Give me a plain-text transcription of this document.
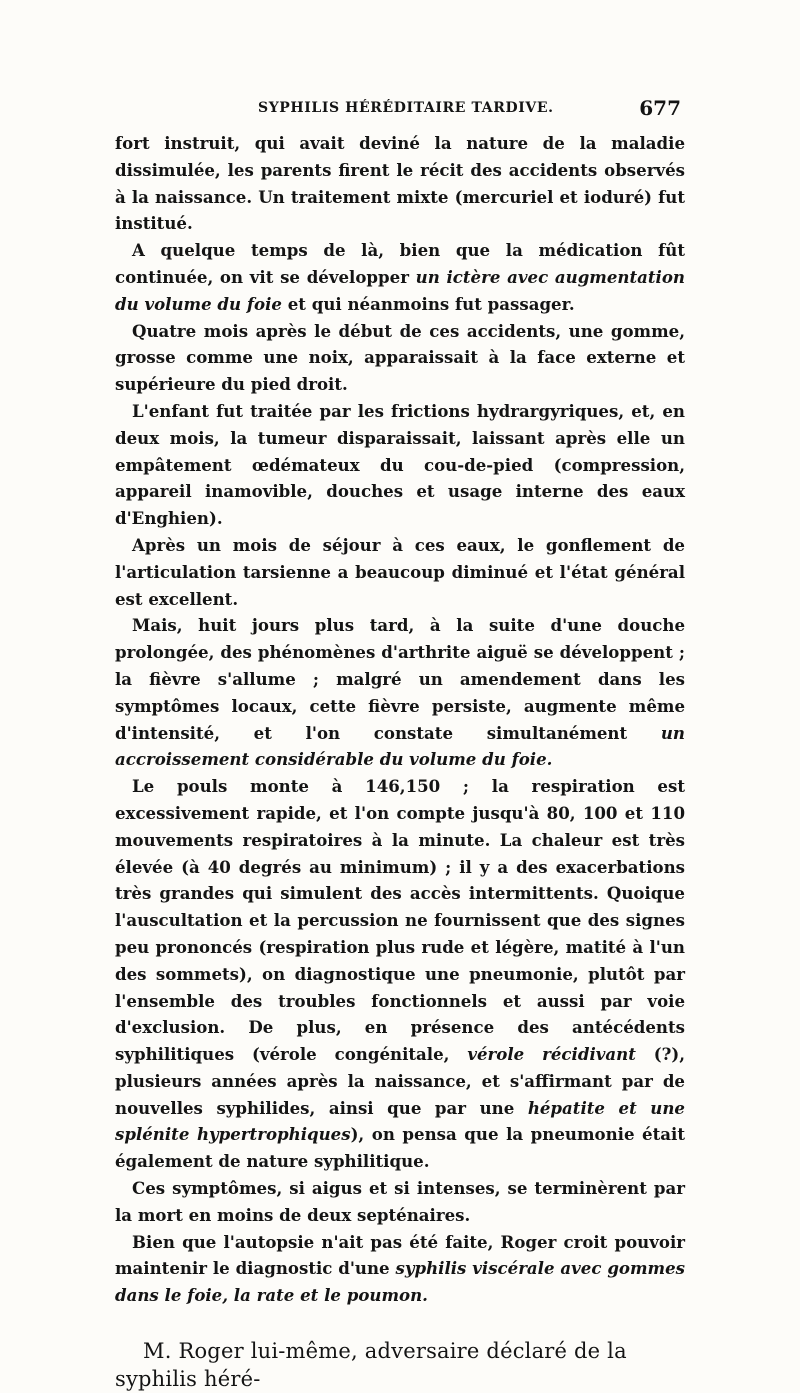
SYPHILIS HÉRÉDITAIRE TARDIVE.	677

fort instruit, qui avait deviné la nature de la maladie dissimulée, les parents firent le récit des accidents observés à la naissance. Un traitement mixte (mercuriel et ioduré) fut institué.

A quelque temps de là, bien que la médication fût continuée, on vit se développer un ictère avec augmentation du volume du foie et qui néanmoins fut passager.

Quatre mois après le début de ces accidents, une gomme, grosse comme une noix, apparaissait à la face externe et supérieure du pied droit.

L'enfant fut traitée par les frictions hydrargyriques, et, en deux mois, la tumeur disparaissait, laissant après elle un empâtement œdémateux du cou-de-pied (compression, appareil inamovible, douches et usage interne des eaux d'Enghien).

Après un mois de séjour à ces eaux, le gonflement de l'articulation tarsienne a beaucoup diminué et l'état général est excellent.

Mais, huit jours plus tard, à la suite d'une douche prolongée, des phénomènes d'arthrite aiguë se développent ; la fièvre s'allume ; malgré un amendement dans les symptômes locaux, cette fièvre persiste, augmente même d'intensité, et l'on constate simultanément un accroissement considérable du volume du foie.

Le pouls monte à 146,150 ; la respiration est excessivement rapide, et l'on compte jusqu'à 80, 100 et 110 mouvements respiratoires à la minute. La chaleur est très élevée (à 40 degrés au minimum) ; il y a des exacerbations très grandes qui simulent des accès intermittents. Quoique l'auscultation et la percussion ne fournissent que des signes peu prononcés (respiration plus rude et légère, matité à l'un des sommets), on diagnostique une pneumonie, plutôt par l'ensemble des troubles fonctionnels et aussi par voie d'exclusion. De plus, en présence des antécédents syphilitiques (vérole congénitale, vérole récidivant (?), plusieurs années après la naissance, et s'affirmant par de nouvelles syphilides, ainsi que par une hépatite et une splénite hypertrophiques), on pensa que la pneumonie était également de nature syphilitique.

Ces symptômes, si aigus et si intenses, se terminèrent par la mort en moins de deux septénaires.

Bien que l'autopsie n'ait pas été faite, Roger croit pouvoir maintenir le diagnostic d'une syphilis viscérale avec gommes dans le foie, la rate et le poumon.

M. Roger lui-même, adversaire déclaré de la syphilis héré-
